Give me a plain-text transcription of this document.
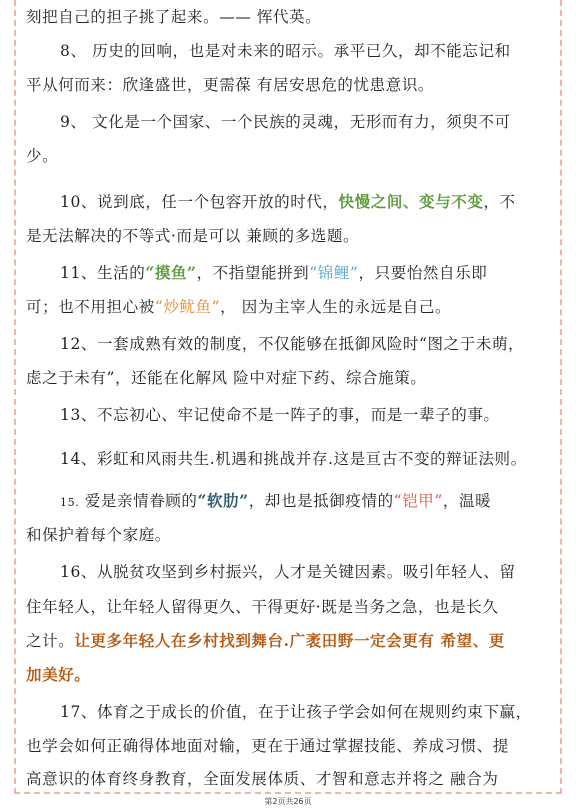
刻把自己的担子挑了起来。—— 恽代英。

8、 历史的回响，也是对未来的昭示。承平已久，却不能忘记和

平从何而来：欣逢盛世，更需葆 有居安思危的忧患意识。

9、 文化是一个国家、一个民族的灵魂，无形而有力，须臾不可

少。

10、说到底，任一个包容开放的时代，快慢之间、变与不变，不

是无法解决的不等式·而是可以 兼顾的多选题。

11、生活的“摸鱼”，不指望能拼到“锦鲤”，只要怡然自乐即

可；也不用担心被“炒鱿鱼”， 因为主宰人生的永远是自己。

12、一套成熟有效的制度，不仅能够在抵御风险时“图之于未萌，

虑之于未有”，还能在化解风 险中对症下药、综合施策。

13、不忘初心、牢记使命不是一阵子的事，而是一辈子的事。

14、彩虹和风雨共生.机遇和挑战并存.这是亘古不变的辩证法则。

15. 爱是亲情眷顾的“软肋”，却也是抵御疫情的“铠甲”，温暖

和保护着每个家庭。

16、从脱贫攻坚到乡村振兴，人才是关键因素。吸引年轻人、留

住年轻人，让年轻人留得更久、干得更好·既是当务之急，也是长久

之计。让更多年轻人在乡村找到舞台.广袤田野一定会更有 希望、更

加美好。

17、体育之于成长的价值，在于让孩子学会如何在规则约束下赢，

也学会如何正确得体地面对输，更在于通过掌握技能、养成习惯、提

高意识的体育终身教育，全面发展体质、才智和意志并将之 融合为

第2页共26页
